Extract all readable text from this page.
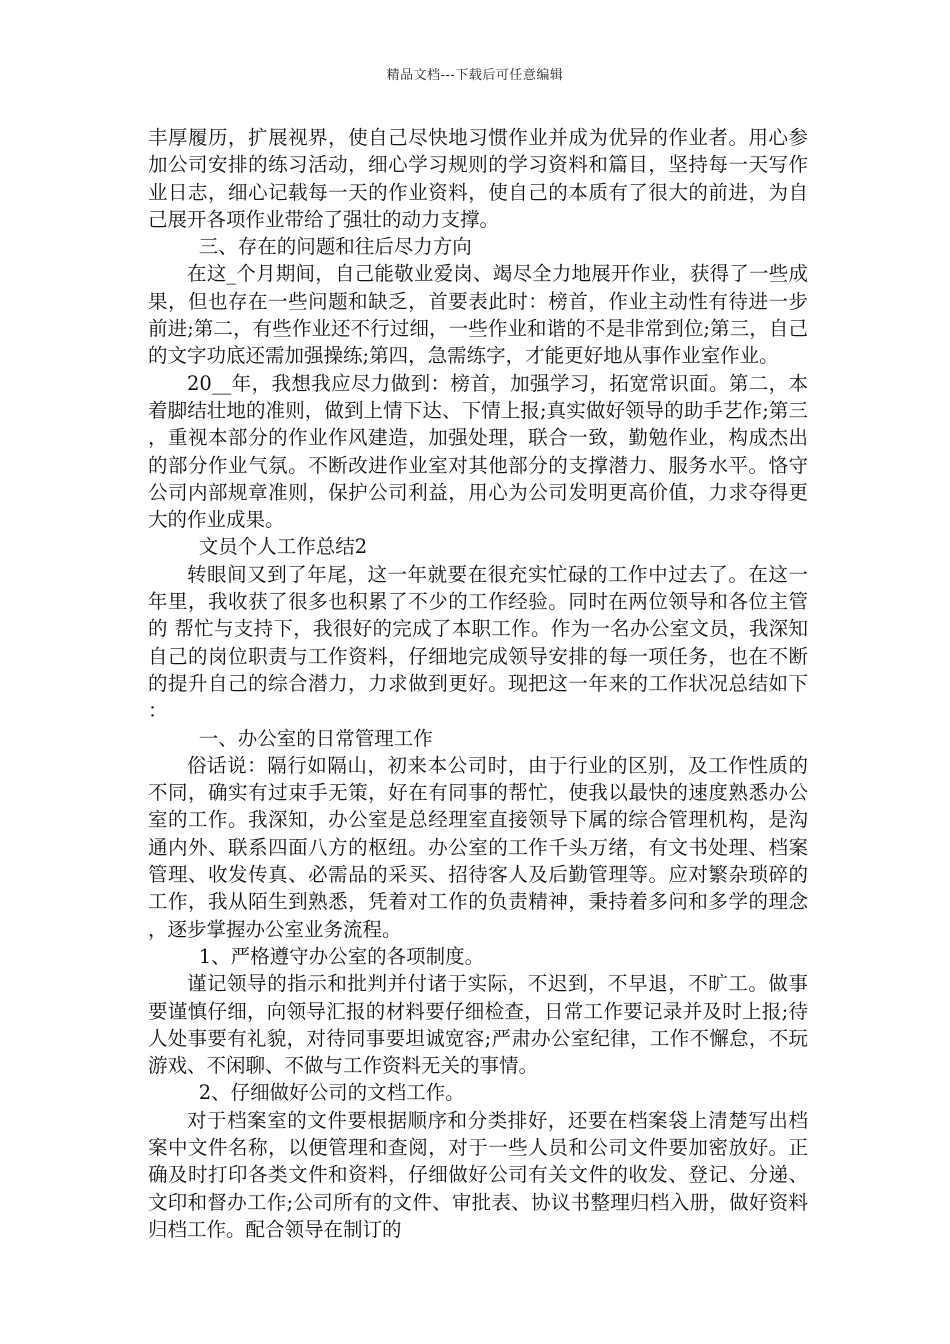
精品文档---下载后可任意编辑

丰厚履历，扩展视界，使自己尽快地习惯作业并成为优异的作业者。用心参加公司安排的练习活动，细心学习规则的学习资料和篇目，坚持每一天写作业日志，细心记载每一天的作业资料，使自己的本质有了很大的前进，为自己展开各项作业带给了强壮的动力支撑。

三、存在的问题和往后尽力方向

在这_个月期间，自己能敬业爱岗、竭尽全力地展开作业，获得了一些成果，但也存在一些问题和缺乏，首要表此时：榜首，作业主动性有待进一步前进;第二，有些作业还不行过细，一些作业和谐的不是非常到位;第三，自己的文字功底还需加强操练;第四，急需练字，才能更好地从事作业室作业。

20__年，我想我应尽力做到：榜首，加强学习，拓宽常识面。第二，本着脚结壮地的准则，做到上情下达、下情上报;真实做好领导的助手艺作;第三，重视本部分的作业作风建造，加强处理，联合一致，勤勉作业，构成杰出的部分作业气氛。不断改进作业室对其他部分的支撑潜力、服务水平。恪守公司内部规章准则，保护公司利益，用心为公司发明更高价值，力求夺得更大的作业成果。

文员个人工作总结2

转眼间又到了年尾，这一年就要在很充实忙碌的工作中过去了。在这一年里，我收获了很多也积累了不少的工作经验。同时在两位领导和各位主管的 帮忙与支持下，我很好的完成了本职工作。作为一名办公室文员，我深知自己的岗位职责与工作资料，仔细地完成领导安排的每一项任务，也在不断的提升自己的综合潜力，力求做到更好。现把这一年来的工作状况总结如下：

一、办公室的日常管理工作

俗话说：隔行如隔山，初来本公司时，由于行业的区别，及工作性质的不同，确实有过束手无策，好在有同事的帮忙，使我以最快的速度熟悉办公室的工作。我深知，办公室是总经理室直接领导下属的综合管理机构，是沟通内外、联系四面八方的枢纽。办公室的工作千头万绪，有文书处理、档案管理、收发传真、必需品的采买、招待客人及后勤管理等。应对繁杂琐碎的工作，我从陌生到熟悉，凭着对工作的负责精神，秉持着多问和多学的理念，逐步掌握办公室业务流程。

1、严格遵守办公室的各项制度。

谨记领导的指示和批判并付诸于实际，不迟到，不早退，不旷工。做事要谨慎仔细，向领导汇报的材料要仔细检查，日常工作要记录并及时上报;待人处事要有礼貌，对待同事要坦诚宽容;严肃办公室纪律，工作不懈怠，不玩游戏、不闲聊、不做与工作资料无关的事情。

2、仔细做好公司的文档工作。

对于档案室的文件要根据顺序和分类排好，还要在档案袋上清楚写出档案中文件名称，以便管理和查阅，对于一些人员和公司文件要加密放好。正确及时打印各类文件和资料，仔细做好公司有关文件的收发、登记、分递、文印和督办工作;公司所有的文件、审批表、协议书整理归档入册，做好资料归档工作。配合领导在制订的
